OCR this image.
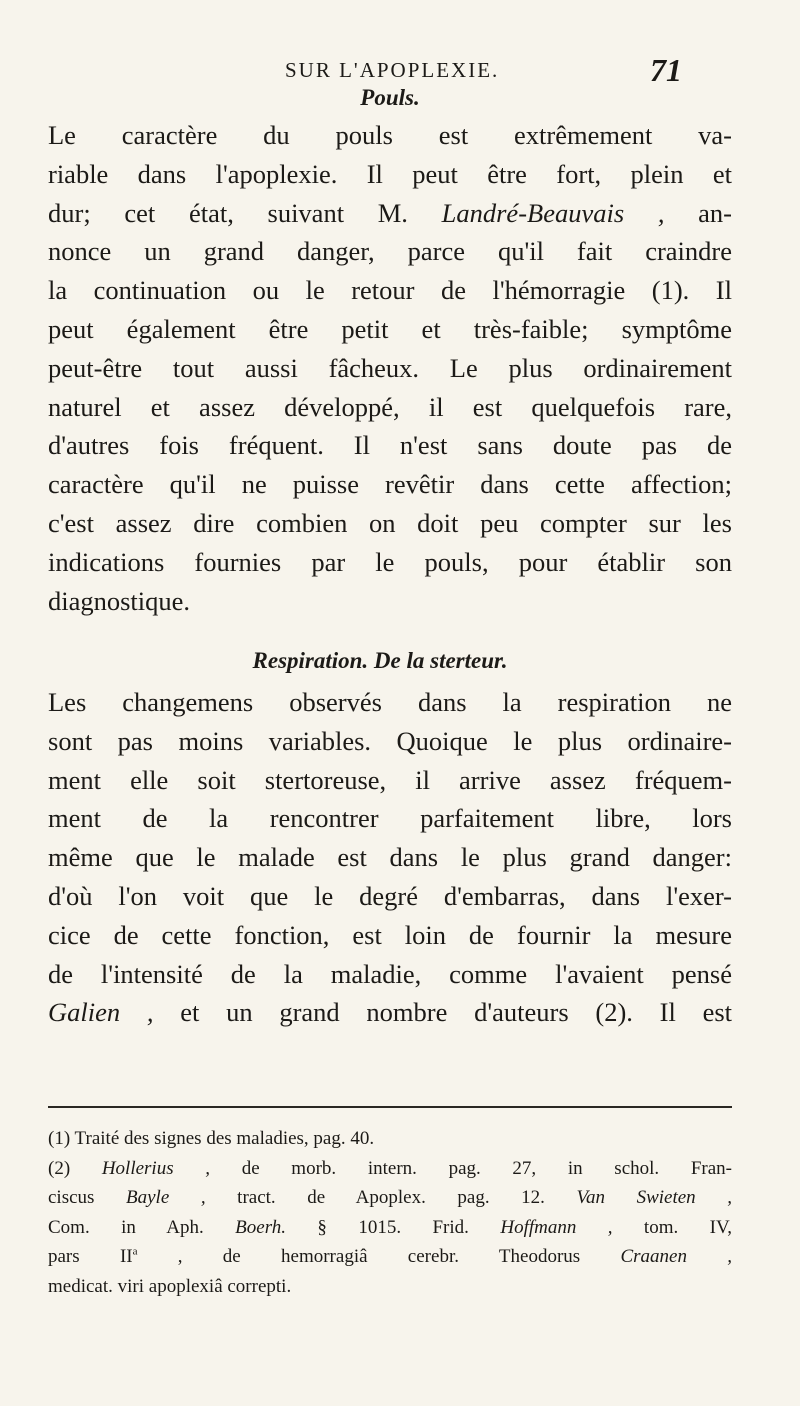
SUR L'APOPLEXIE.	71
Pouls.
Le caractère du pouls est extrêmement va-
riable dans l'apoplexie. Il peut être fort, plein et
dur; cet état, suivant M. Landré-Beauvais , an-
nonce un grand danger, parce qu'il fait craindre
la continuation ou le retour de l'hémorragie (1). Il
peut également être petit et très-faible; symptôme
peut-être tout aussi fâcheux. Le plus ordinairement
naturel et assez développé, il est quelquefois rare,
d'autres fois fréquent. Il n'est sans doute pas de
caractère qu'il ne puisse revêtir dans cette affection;
c'est assez dire combien on doit peu compter sur les
indications fournies par le pouls, pour établir son
diagnostique.
Respiration. De la sterteur.
Les changemens observés dans la respiration ne
sont pas moins variables. Quoique le plus ordinaire-
ment elle soit stertoreuse, il arrive assez fréquem-
ment de la rencontrer parfaitement libre, lors
même que le malade est dans le plus grand danger:
d'où l'on voit que le degré d'embarras, dans l'exer-
cice de cette fonction, est loin de fournir la mesure
de l'intensité de la maladie, comme l'avaient pensé
Galien , et un grand nombre d'auteurs (2). Il est
(1) Traité des signes des maladies, pag. 40.
(2) Hollerius , de morb. intern. pag. 27, in schol. Fran-
ciscus Bayle , tract. de Apoplex. pag. 12. Van Swieten ,
Com. in Aph. Boerh. § 1015. Frid. Hoffmann , tom. IV,
pars $II^a$ , de hemorragiâ cerebr. Theodorus Craanen ,
medicat. viri apoplexiâ correpti.
